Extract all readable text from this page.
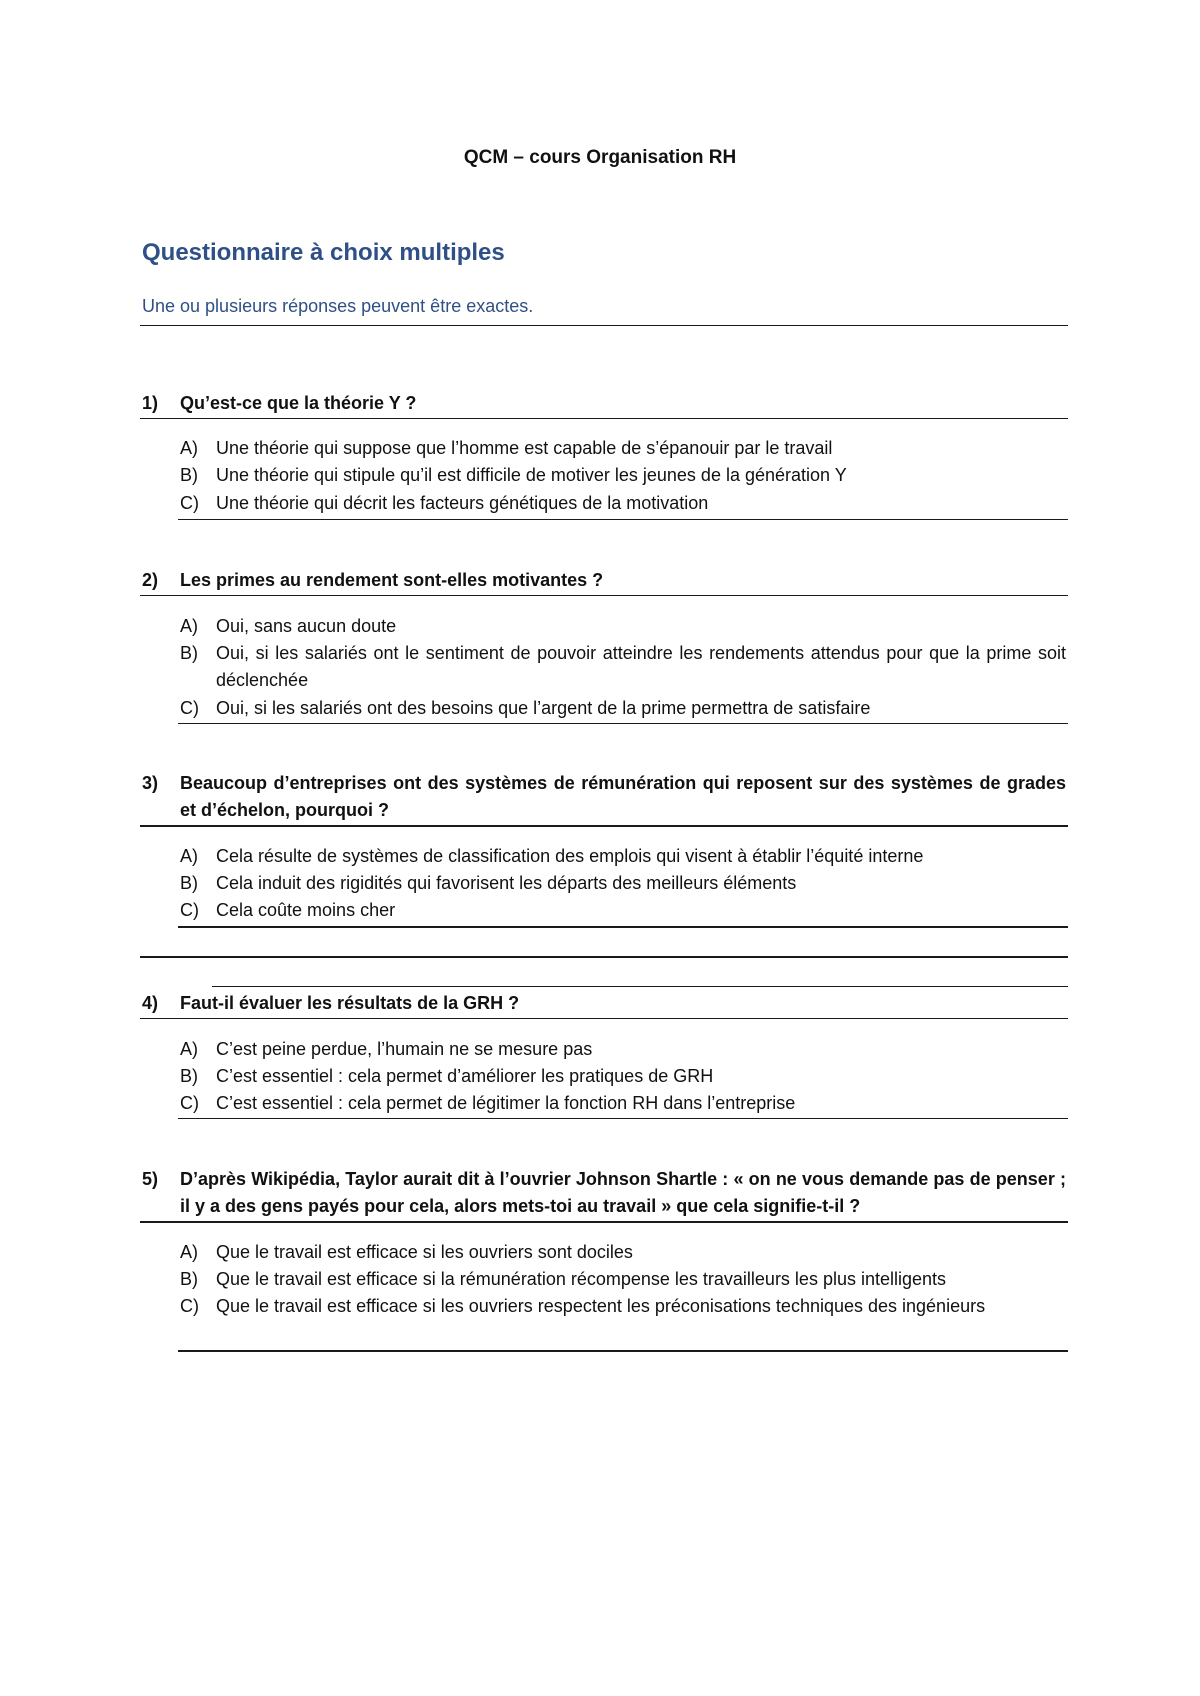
QCM – cours Organisation RH
Questionnaire à choix multiples
Une ou plusieurs réponses peuvent être exactes.
1)	Qu’est-ce que la théorie Y ?
A)	Une théorie qui suppose que l’homme est capable de s’épanouir par le travail
B)	Une théorie qui stipule qu’il est difficile de motiver les jeunes de la génération Y
C) Une théorie qui décrit les facteurs génétiques de la motivation
2)	Les primes au rendement sont-elles motivantes ?
A)	Oui, sans aucun doute
B)	Oui, si les salariés ont le sentiment de pouvoir atteindre les rendements attendus pour que la prime soit déclenchée
C) Oui, si les salariés ont des besoins que l’argent de la prime permettra de satisfaire
3)	Beaucoup d’entreprises ont des systèmes de rémunération qui reposent sur des systèmes de grades et d’échelon, pourquoi ?
A)	Cela résulte de systèmes de classification des emplois qui visent à établir l’équité interne
B)	Cela induit des rigidités qui favorisent les départs des meilleurs éléments
C) Cela coûte moins cher
4)	Faut-il évaluer les résultats de la GRH ?
A)	C’est peine perdue, l’humain ne se mesure pas
B)	C’est essentiel : cela permet d’améliorer les pratiques de GRH
C) C’est essentiel : cela permet de légitimer la fonction RH dans l’entreprise
5)	D’après Wikipédia, Taylor aurait dit à l’ouvrier Johnson Shartle : « on ne vous demande pas de penser ; il y a des gens payés pour cela, alors mets-toi au travail » que cela signifie-t-il ?
A)	Que le travail est efficace si les ouvriers sont dociles
B)	Que le travail est efficace si la rémunération récompense les travailleurs les plus intelligents
C) Que le travail est efficace si les ouvriers respectent les préconisations techniques des ingénieurs
